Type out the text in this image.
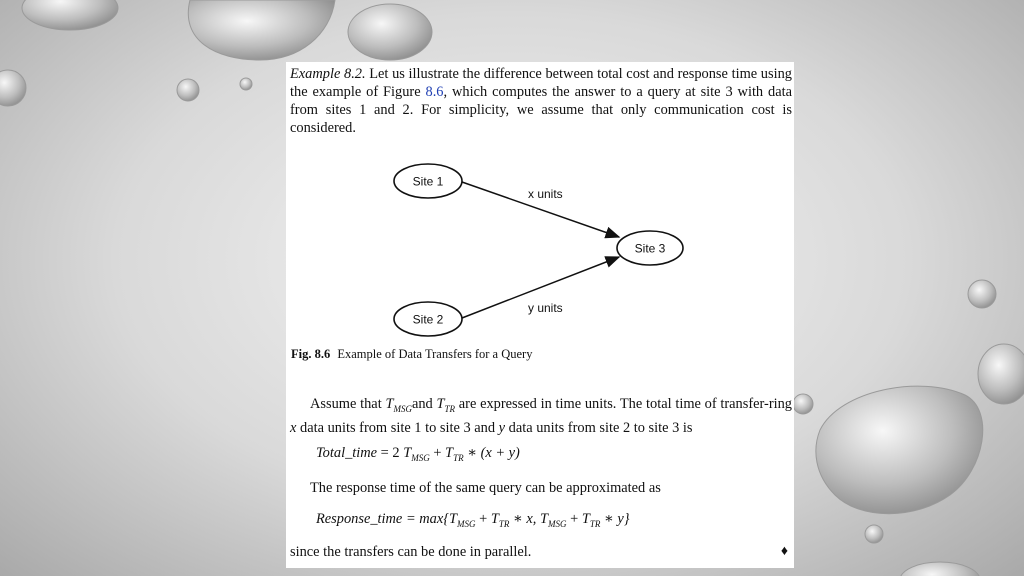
Example 8.2. Let us illustrate the difference between total cost and response time using the example of Figure 8.6, which computes the answer to a query at site 3 with data from sites 1 and 2. For simplicity, we assume that only communication cost is considered.
Site 1
Site 2
Site 3
x units
y units
Fig. 8.6 Example of Data Transfers for a Query
Assume that $T_{MSG}and$ $T_{TR}$ are expressed in time units. The total time of transfer-ring x data units from site 1 to site 3 and y data units from site 2 to site 3 is
Total_time = 2 $T_{MSG} + T_{TR}$ ∗ (x + y)
The response time of the same query can be approximated as
Response_time = $\max\{T_{MSG} + T_{TR}$ ∗ x, $T_{MSG} + T_{TR}$ ∗ y}
since the transfers can be done in parallel.	♦
